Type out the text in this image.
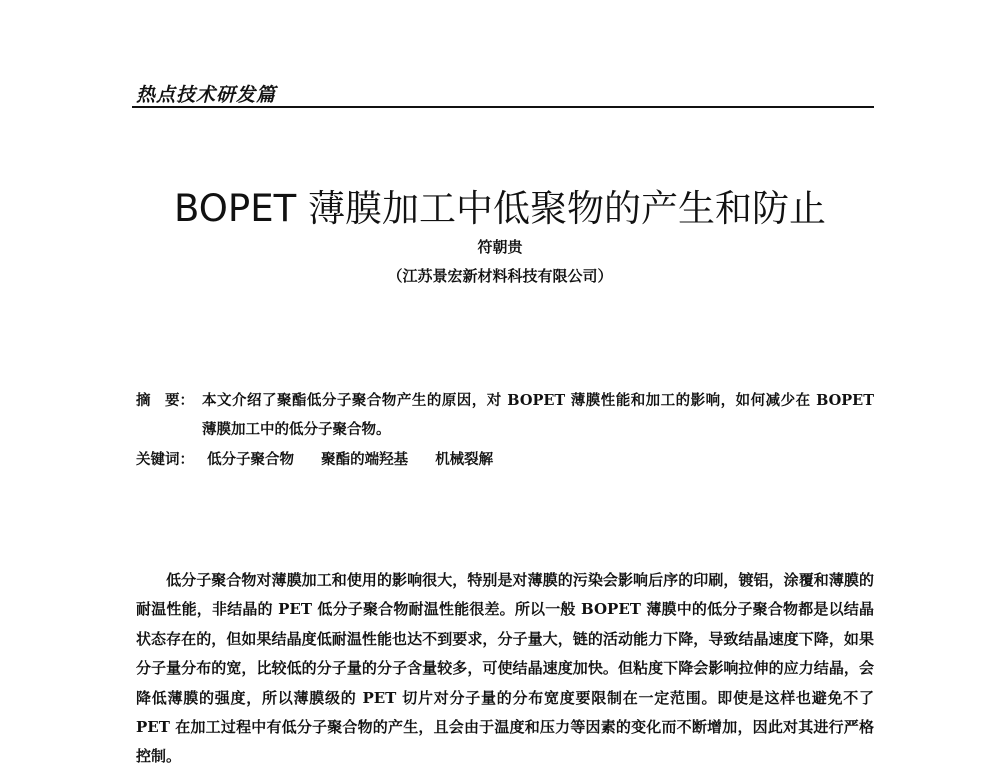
热点技术研发篇
BOPET 薄膜加工中低聚物的产生和防止
符朝贵
（江苏景宏新材料科技有限公司）
摘　要： 本文介绍了聚酯低分子聚合物产生的原因，对 BOPET 薄膜性能和加工的影响，如何减少在 BOPET 薄膜加工中的低分子聚合物。
关键词： 低分子聚合物 聚酯的端羟基 机械裂解
低分子聚合物对薄膜加工和使用的影响很大，特别是对薄膜的污染会影响后序的印刷，镀铝，涂覆和薄膜的耐温性能，非结晶的 PET 低分子聚合物耐温性能很差。所以一般 BOPET 薄膜中的低分子聚合物都是以结晶状态存在的，但如果结晶度低耐温性能也达不到要求，分子量大，链的活动能力下降，导致结晶速度下降，如果分子量分布的宽，比较低的分子量的分子含量较多，可使结晶速度加快。但粘度下降会影响拉伸的应力结晶，会降低薄膜的强度，所以薄膜级的 PET 切片对分子量的分布宽度要限制在一定范围。即使是这样也避免不了 PET 在加工过程中有低分子聚合物的产生，且会由于温度和压力等因素的变化而不断增加，因此对其进行严格控制。
